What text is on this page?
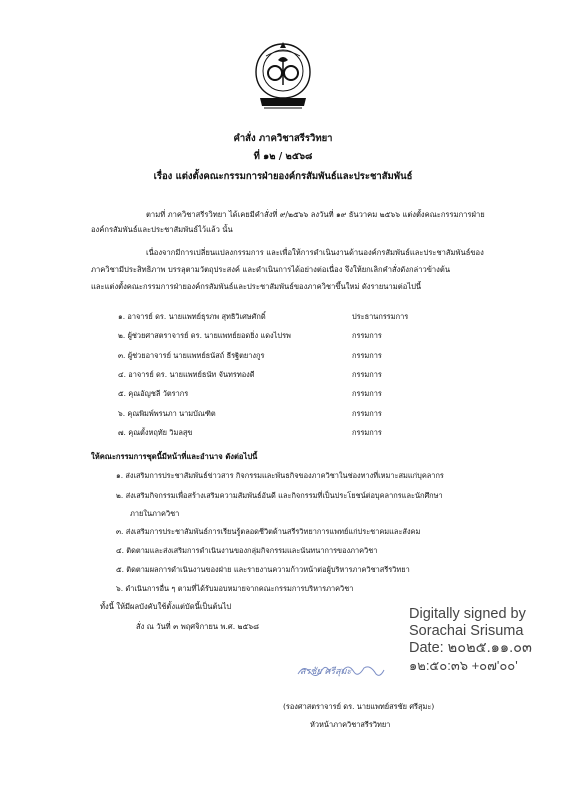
คำสั่ง ภาควิชาสรีรวิทยา
ที่ ๑๒ / ๒๕๖๘
เรื่อง แต่งตั้งคณะกรรมการฝ่ายองค์กรสัมพันธ์และประชาสัมพันธ์
ตามที่ ภาควิชาสรีรวิทยา ได้เคยมีคำสั่งที่ ๙/๒๕๖๖ ลงวันที่ ๑๙ ธันวาคม ๒๕๖๖ แต่งตั้งคณะกรรมการฝ่าย
องค์กรสัมพันธ์และประชาสัมพันธ์ไว้แล้ว นั้น
เนื่องจากมีการเปลี่ยนแปลงกรรมการ และเพื่อให้การดำเนินงานด้านองค์กรสัมพันธ์และประชาสัมพันธ์ของ
ภาควิชามีประสิทธิภาพ บรรลุตามวัตถุประสงค์ และดำเนินการได้อย่างต่อเนื่อง จึงให้ยกเลิกคำสั่งดังกล่าวข้างต้น
และแต่งตั้งคณะกรรมการฝ่ายองค์กรสัมพันธ์และประชาสัมพันธ์ของภาควิชาขึ้นใหม่ ดังรายนามต่อไปนี้
๑. อาจารย์ ดร. นายแพทย์ธุรภพ สุทธิวิเศษศักดิ์	ประธานกรรมการ
๒. ผู้ช่วยศาสตราจารย์ ดร. นายแพทย์ยอดยิ่ง แดงไปรพ	กรรมการ
๓. ผู้ช่วยอาจารย์ นายแพทย์ธนัสถ์ ธีรฐิตยางกูร	กรรมการ
๔. อาจารย์ ดร. นายแพทย์ธนัท จันทรทองดี	กรรมการ
๕. คุณอัญชลี วัตรากร	กรรมการ
๖. คุณพิมพ์พรนภา นามบัณฑิต	กรรมการ
๗. คุณตั้งหฤทัย วิมลสุข	กรรมการ
ให้คณะกรรมการชุดนี้มีหน้าที่และอำนาจ ดังต่อไปนี้
๑. ส่งเสริมการประชาสัมพันธ์ข่าวสาร กิจกรรมและพันธกิจของภาควิชาในช่องทางที่เหมาะสมแก่บุคลากร
๒. ส่งเสริมกิจกรรมเพื่อสร้างเสริมความสัมพันธ์อันดี และกิจกรรมที่เป็นประโยชน์ต่อบุคลากรและนักศึกษา
ภายในภาควิชา
๓. ส่งเสริมการประชาสัมพันธ์การเรียนรู้ตลอดชีวิตด้านสรีรวิทยาการแพทย์แก่ประชาคมและสังคม
๔. ติดตามและส่งเสริมการดำเนินงานของกลุ่มกิจกรรมและนันทนาการของภาควิชา
๕. ติดตามผลการดำเนินงานของฝ่าย และรายงานความก้าวหน้าต่อผู้บริหารภาควิชาสรีรวิทยา
๖. ดำเนินการอื่น ๆ ตามที่ได้รับมอบหมายจากคณะกรรมการบริหารภาควิชา
ทั้งนี้ ให้มีผลบังคับใช้ตั้งแต่บัดนี้เป็นต้นไป
สั่ง ณ วันที่ ๓ พฤศจิกายน พ.ศ. ๒๕๖๘
Digitally signed by
Sorachai Srisuma
Date: ๒๐๒๕.๑๑.๐๓
๑๒:๕๐:๓๖ +๐๗'๐๐'
สรชัย ศรีสุมะ
(รองศาสตราจารย์ ดร. นายแพทย์สรชัย ศรีสุมะ)
หัวหน้าภาควิชาสรีรวิทยา
